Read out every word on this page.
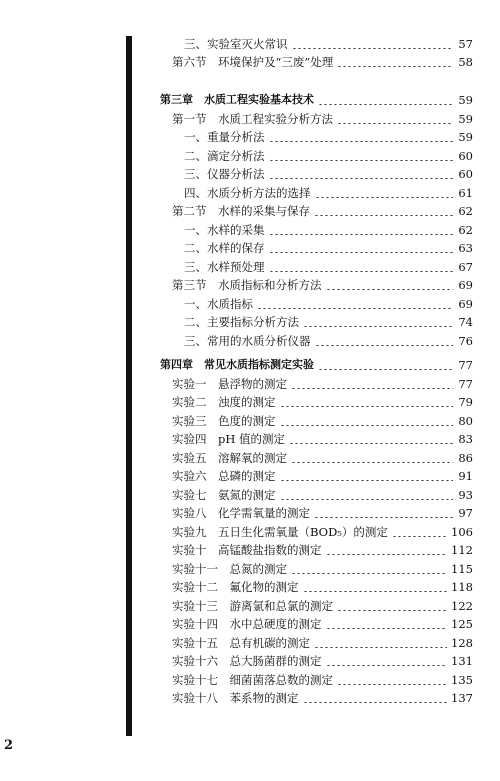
三、实验室灭火常识	57
第六节　环境保护及“三废”处理	58
第三章　水质工程实验基本技术	59
第一节　水质工程实验分析方法	59
一、重量分析法	59
二、滴定分析法	60
三、仪器分析法	60
四、水质分析方法的选择	61
第二节　水样的采集与保存	62
一、水样的采集	62
二、水样的保存	63
三、水样预处理	67
第三节　水质指标和分析方法	69
一、水质指标	69
二、主要指标分析方法	74
三、常用的水质分析仪器	76
第四章　常见水质指标测定实验	77
实验一　悬浮物的测定	77
实验二　浊度的测定	79
实验三　色度的测定	80
实验四　pH 值的测定	83
实验五　溶解氧的测定	86
实验六　总磷的测定	91
实验七　氨氮的测定	93
实验八　化学需氧量的测定	97
实验九　五日生化需氧量（BOD₅）的测定	106
实验十　高锰酸盐指数的测定	112
实验十一　总氮的测定	115
实验十二　氟化物的测定	118
实验十三　游离氯和总氯的测定	122
实验十四　水中总硬度的测定	125
实验十五　总有机碳的测定	128
实验十六　总大肠菌群的测定	131
实验十七　细菌菌落总数的测定	135
实验十八　苯系物的测定	137
2
